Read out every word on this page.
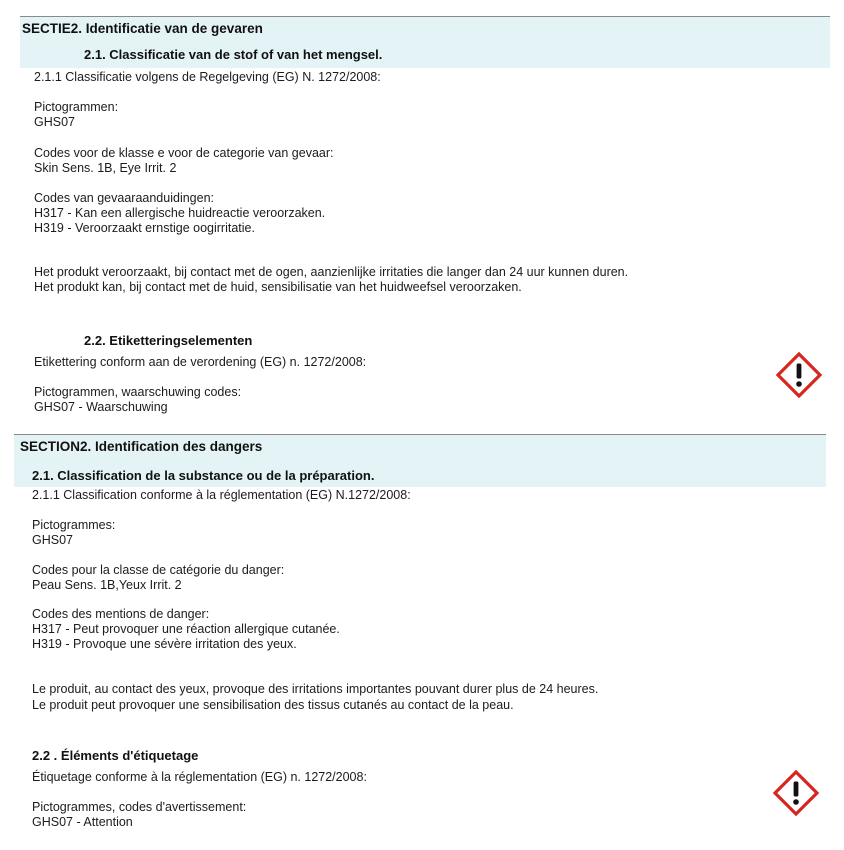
SECTIE2. Identificatie van de gevaren
2.1. Classificatie van de stof of van het mengsel.
2.1.1 Classificatie volgens de Regelgeving (EG) N. 1272/2008:
Pictogrammen:
GHS07
Codes voor de klasse e voor de categorie van gevaar:
Skin Sens. 1B, Eye Irrit. 2
Codes van gevaaraanduidingen:
H317 - Kan een allergische huidreactie veroorzaken.
H319 - Veroorzaakt ernstige oogirritatie.
Het produkt veroorzaakt, bij contact met de ogen, aanzienlijke irritaties die langer dan 24 uur kunnen duren.
Het produkt kan, bij contact met de huid, sensibilisatie van het huidweefsel veroorzaken.
2.2. Etiketteringselementen
Etikettering conform aan de verordening (EG) n. 1272/2008:
Pictogrammen, waarschuwing codes:
GHS07 - Waarschuwing
SECTION2. Identification des dangers
2.1. Classification de la substance ou de la préparation.
2.1.1 Classification conforme à la réglementation (EG) N.1272/2008:
Pictogrammes:
GHS07
Codes pour la classe de catégorie du danger:
Peau Sens. 1B,Yeux Irrit. 2
Codes des mentions de danger:
H317 - Peut provoquer une réaction allergique cutanée.
H319 - Provoque une sévère irritation des yeux.
Le produit, au contact des yeux, provoque des irritations importantes pouvant durer plus de 24 heures.
Le produit peut provoquer une sensibilisation des tissus cutanés au contact de la peau.
2.2 . Éléments d'étiquetage
Étiquetage conforme à la réglementation (EG) n. 1272/2008:
Pictogrammes, codes d'avertissement:
GHS07 - Attention
